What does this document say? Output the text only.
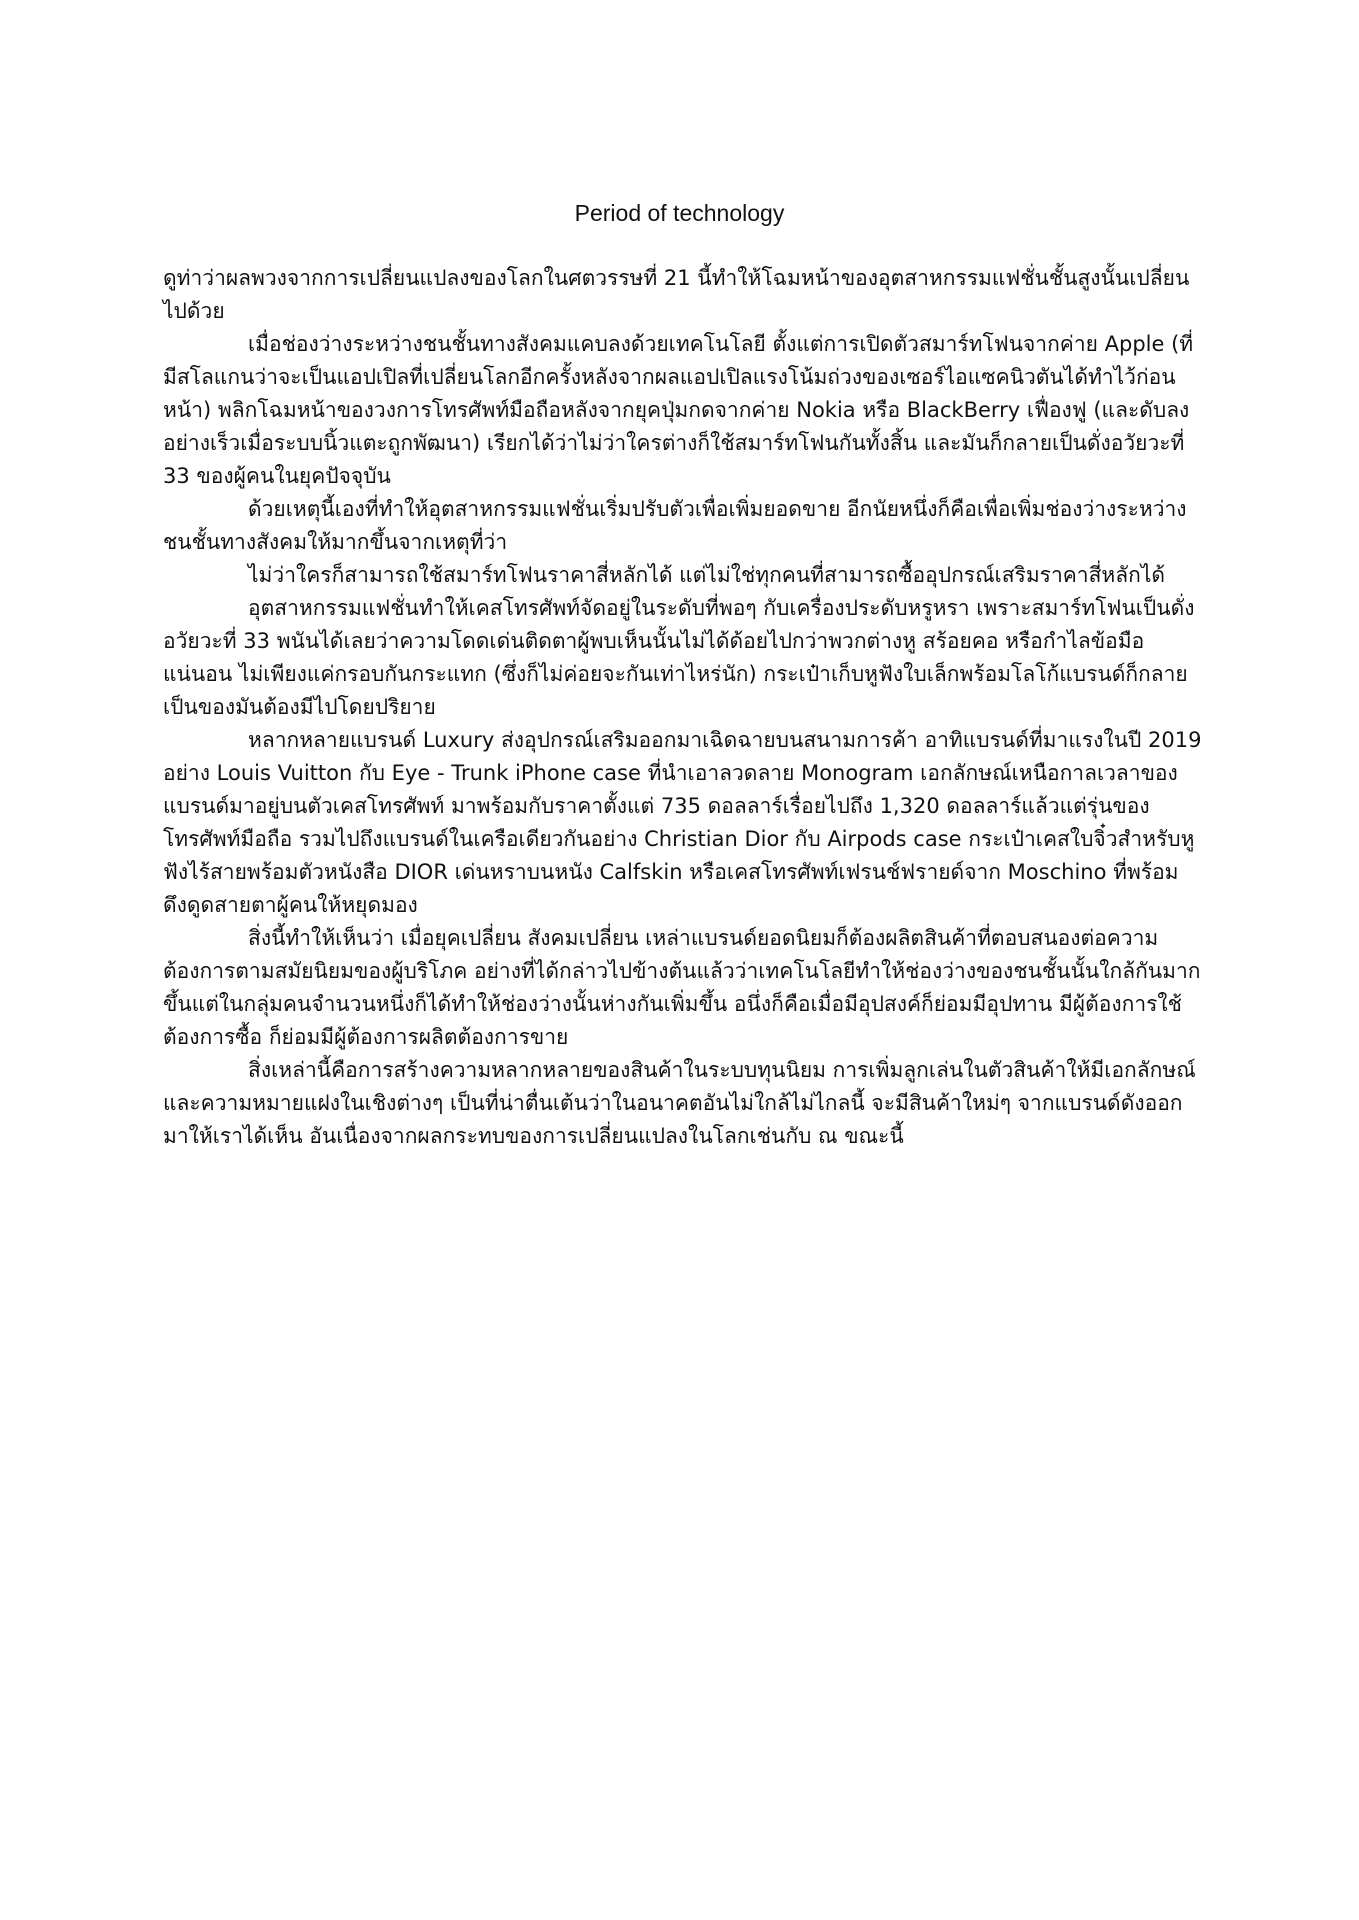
Period of technology

ดูท่าว่าผลพวงจากการเปลี่ยนแปลงของโลกในศตวรรษที่ 21 นี้ทำให้โฉมหน้าของอุตสาหกรรมแฟชั่นชั้นสูงนั้นเปลี่ยนไปด้วย

เมื่อช่องว่างระหว่างชนชั้นทางสังคมแคบลงด้วยเทคโนโลยี ตั้งแต่การเปิดตัวสมาร์ทโฟนจากค่าย Apple (ที่มีสโลแกนว่าจะเป็นแอปเปิลที่เปลี่ยนโลกอีกครั้งหลังจากผลแอปเปิลแรงโน้มถ่วงของเซอร์ไอแซคนิวตันได้ทำไว้ก่อนหน้า) พลิกโฉมหน้าของวงการโทรศัพท์มือถือหลังจากยุคปุ่มกดจากค่าย Nokia หรือ BlackBerry เฟื่องฟู (และดับลงอย่างเร็วเมื่อระบบนิ้วแตะถูกพัฒนา) เรียกได้ว่าไม่ว่าใครต่างก็ใช้สมาร์ทโฟนกันทั้งสิ้น และมันก็กลายเป็นดั่งอวัยวะที่ 33 ของผู้คนในยุคปัจจุบัน

ด้วยเหตุนี้เองที่ทำให้อุตสาหกรรมแฟชั่นเริ่มปรับตัวเพื่อเพิ่มยอดขาย อีกนัยหนึ่งก็คือเพื่อเพิ่มช่องว่างระหว่างชนชั้นทางสังคมให้มากขึ้นจากเหตุที่ว่า

ไม่ว่าใครก็สามารถใช้สมาร์ทโฟนราคาสี่หลักได้ แต่ไม่ใช่ทุกคนที่สามารถซื้ออุปกรณ์เสริมราคาสี่หลักได้

อุตสาหกรรมแฟชั่นทำให้เคสโทรศัพท์จัดอยู่ในระดับที่พอๆ กับเครื่องประดับหรูหรา เพราะสมาร์ทโฟนเป็นดั่งอวัยวะที่ 33 พนันได้เลยว่าความโดดเด่นติดตาผู้พบเห็นนั้นไม่ได้ด้อยไปกว่าพวกต่างหู สร้อยคอ หรือกำไลข้อมือแน่นอน ไม่เพียงแค่กรอบกันกระแทก (ซึ่งก็ไม่ค่อยจะกันเท่าไหร่นัก) กระเป๋าเก็บหูฟังใบเล็กพร้อมโลโก้แบรนด์ก็กลายเป็นของมันต้องมีไปโดยปริยาย

หลากหลายแบรนด์ Luxury ส่งอุปกรณ์เสริมออกมาเฉิดฉายบนสนามการค้า อาทิแบรนด์ที่มาแรงในปี 2019 อย่าง Louis Vuitton กับ Eye - Trunk iPhone case ที่นำเอาลวดลาย Monogram เอกลักษณ์เหนือกาลเวลาของแบรนด์มาอยู่บนตัวเคสโทรศัพท์ มาพร้อมกับราคาตั้งแต่ 735 ดอลลาร์เรื่อยไปถึง 1,320 ดอลลาร์แล้วแต่รุ่นของโทรศัพท์มือถือ รวมไปถึงแบรนด์ในเครือเดียวกันอย่าง Christian Dior กับ Airpods case กระเป๋าเคสใบจิ๋วสำหรับหูฟังไร้สายพร้อมตัวหนังสือ DIOR เด่นหราบนหนัง Calfskin หรือเคสโทรศัพท์เฟรนช์ฟรายด์จาก Moschino ที่พร้อมดึงดูดสายตาผู้คนให้หยุดมอง

สิ่งนี้ทำให้เห็นว่า เมื่อยุคเปลี่ยน สังคมเปลี่ยน เหล่าแบรนด์ยอดนิยมก็ต้องผลิตสินค้าที่ตอบสนองต่อความต้องการตามสมัยนิยมของผู้บริโภค อย่างที่ได้กล่าวไปข้างต้นแล้วว่าเทคโนโลยีทำให้ช่องว่างของชนชั้นนั้นใกล้กันมากขึ้นแต่ในกลุ่มคนจำนวนหนึ่งก็ได้ทำให้ช่องว่างนั้นห่างกันเพิ่มขึ้น อนึ่งก็คือเมื่อมีอุปสงค์ก็ย่อมมีอุปทาน มีผู้ต้องการใช้ต้องการซื้อ ก็ย่อมมีผู้ต้องการผลิตต้องการขาย

สิ่งเหล่านี้คือการสร้างความหลากหลายของสินค้าในระบบทุนนิยม การเพิ่มลูกเล่นในตัวสินค้าให้มีเอกลักษณ์และความหมายแฝงในเชิงต่างๆ เป็นที่น่าตื่นเต้นว่าในอนาคตอันไม่ใกล้ไม่ไกลนี้ จะมีสินค้าใหม่ๆ จากแบรนด์ดังออกมาให้เราได้เห็น อันเนื่องจากผลกระทบของการเปลี่ยนแปลงในโลกเช่นกับ ณ ขณะนี้
